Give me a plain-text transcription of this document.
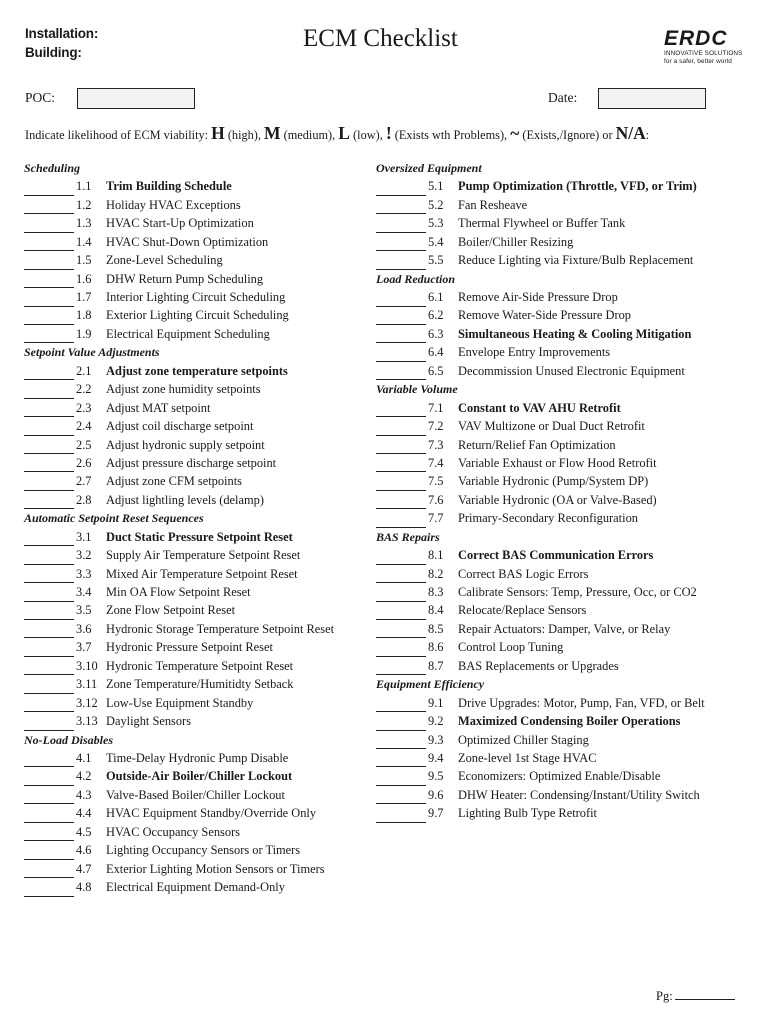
Installation:
Building:
ECM Checklist	ERDC
INNOVATIVE SOLUTIONS
for a safer, better world
POC:	Date:
Indicate likelihood of ECM viability: H (high), M (medium), L (low), ! (Exists wth Problems), ~ (Exists,/Ignore) or N/A:
Scheduling
1.1	Trim Building Schedule
1.2	Holiday HVAC Exceptions
1.3	HVAC Start-Up Optimization
1.4	HVAC Shut-Down Optimization
1.5	Zone-Level Scheduling
1.6	DHW Return Pump Scheduling
1.7	Interior Lighting Circuit Scheduling
1.8	Exterior Lighting Circuit Scheduling
1.9	Electrical Equipment Scheduling
Setpoint Value Adjustments
2.1	Adjust zone temperature setpoints
2.2	Adjust zone humidity setpoints
2.3	Adjust MAT setpoint
2.4	Adjust coil discharge setpoint
2.5	Adjust hydronic supply setpoint
2.6	Adjust pressure discharge setpoint
2.7	Adjust zone CFM setpoints
2.8	Adjust lightling levels (delamp)
Automatic Setpoint Reset Sequences
3.1	Duct Static Pressure Setpoint Reset
3.2	Supply Air Temperature Setpoint Reset
3.3	Mixed Air Temperature Setpoint Reset
3.4	Min OA Flow Setpoint Reset
3.5	Zone Flow Setpoint Reset
3.6	Hydronic Storage Temperature Setpoint Reset
3.7	Hydronic Pressure Setpoint Reset
3.10 Hydronic Temperature Setpoint Reset
3.11 Zone Temperature/Humitidty Setback
3.12 Low-Use Equipment Standby
3.13 Daylight Sensors
No-Load Disables
4.1	Time-Delay Hydronic Pump Disable
4.2	Outside-Air Boiler/Chiller Lockout
4.3	Valve-Based Boiler/Chiller Lockout
4.4	HVAC Equipment Standby/Override Only
4.5	HVAC Occupancy Sensors
4.6	Lighting Occupancy Sensors or Timers
4.7	Exterior Lighting Motion Sensors or Timers
4.8	Electrical Equipment Demand-Only
Oversized Equipment
5.1	Pump Optimization (Throttle, VFD, or Trim)
5.2	Fan Resheave
5.3	Thermal Flywheel or Buffer Tank
5.4	Boiler/Chiller Resizing
5.5	Reduce Lighting via Fixture/Bulb Replacement
Load Reduction
6.1	Remove Air-Side Pressure Drop
6.2	Remove Water-Side Pressure Drop
6.3	Simultaneous Heating & Cooling Mitigation
6.4	Envelope Entry Improvements
6.5	Decommission Unused Electronic Equipment
Variable Volume
7.1	Constant to VAV AHU Retrofit
7.2	VAV Multizone or Dual Duct Retrofit
7.3	Return/Relief Fan Optimization
7.4	Variable Exhaust or Flow Hood Retrofit
7.5	Variable Hydronic (Pump/System DP)
7.6	Variable Hydronic (OA or Valve-Based)
7.7	Primary-Secondary Reconfiguration
BAS Repairs
8.1	Correct BAS Communication Errors
8.2	Correct BAS Logic Errors
8.3	Calibrate Sensors: Temp, Pressure, Occ, or CO2
8.4	Relocate/Replace Sensors
8.5	Repair Actuators: Damper, Valve, or Relay
8.6	Control Loop Tuning
8.7	BAS Replacements or Upgrades
Equipment Efficiency
9.1	Drive Upgrades: Motor, Pump, Fan, VFD, or Belt
9.2	Maximized Condensing Boiler Operations
9.3	Optimized Chiller Staging
9.4	Zone-level 1st Stage HVAC
9.5	Economizers: Optimized Enable/Disable
9.6	DHW Heater: Condensing/Instant/Utility Switch
9.7	Lighting Bulb Type Retrofit
Pg:
